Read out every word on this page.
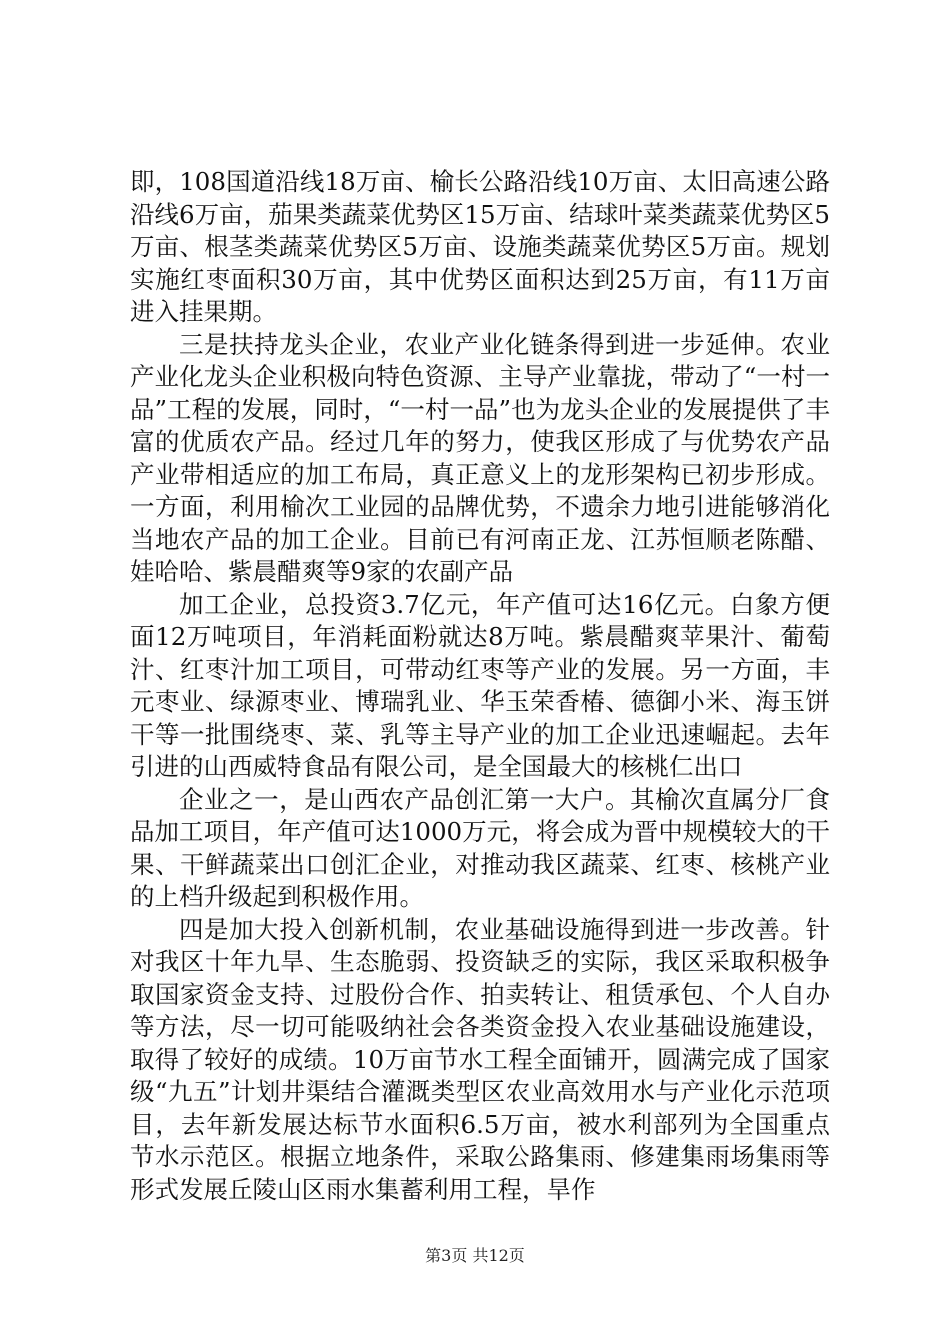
即，108国道沿线18万亩、榆长公路沿线10万亩、太旧高速公路沿线6万亩，茄果类蔬菜优势区15万亩、结球叶菜类蔬菜优势区5万亩、根茎类蔬菜优势区5万亩、设施类蔬菜优势区5万亩。规划实施红枣面积30万亩，其中优势区面积达到25万亩，有11万亩进入挂果期。

三是扶持龙头企业，农业产业化链条得到进一步延伸。农业产业化龙头企业积极向特色资源、主导产业靠拢，带动了“一村一品”工程的发展，同时，“一村一品”也为龙头企业的发展提供了丰富的优质农产品。经过几年的努力，使我区形成了与优势农产品产业带相适应的加工布局，真正意义上的龙形架构已初步形成。一方面，利用榆次工业园的品牌优势，不遗余力地引进能够消化当地农产品的加工企业。目前已有河南正龙、江苏恒顺老陈醋、娃哈哈、紫晨醋爽等9家的农副产品

加工企业，总投资3.7亿元，年产值可达16亿元。白象方便面12万吨项目，年消耗面粉就达8万吨。紫晨醋爽苹果汁、葡萄汁、红枣汁加工项目，可带动红枣等产业的发展。另一方面，丰元枣业、绿源枣业、博瑞乳业、华玉荣香椿、德御小米、海玉饼干等一批围绕枣、菜、乳等主导产业的加工企业迅速崛起。去年引进的山西威特食品有限公司，是全国最大的核桃仁出口

企业之一，是山西农产品创汇第一大户。其榆次直属分厂食品加工项目，年产值可达1000万元，将会成为晋中规模较大的干果、干鲜蔬菜出口创汇企业，对推动我区蔬菜、红枣、核桃产业的上档升级起到积极作用。

四是加大投入创新机制，农业基础设施得到进一步改善。针对我区十年九旱、生态脆弱、投资缺乏的实际，我区采取积极争取国家资金支持、过股份合作、拍卖转让、租赁承包、个人自办等方法，尽一切可能吸纳社会各类资金投入农业基础设施建设，取得了较好的成绩。10万亩节水工程全面铺开，圆满完成了国家级“九五”计划井渠结合灌溉类型区农业高效用水与产业化示范项目，去年新发展达标节水面积6.5万亩，被水利部列为全国重点节水示范区。根据立地条件，采取公路集雨、修建集雨场集雨等形式发展丘陵山区雨水集蓄利用工程，旱作

第3页 共12页
